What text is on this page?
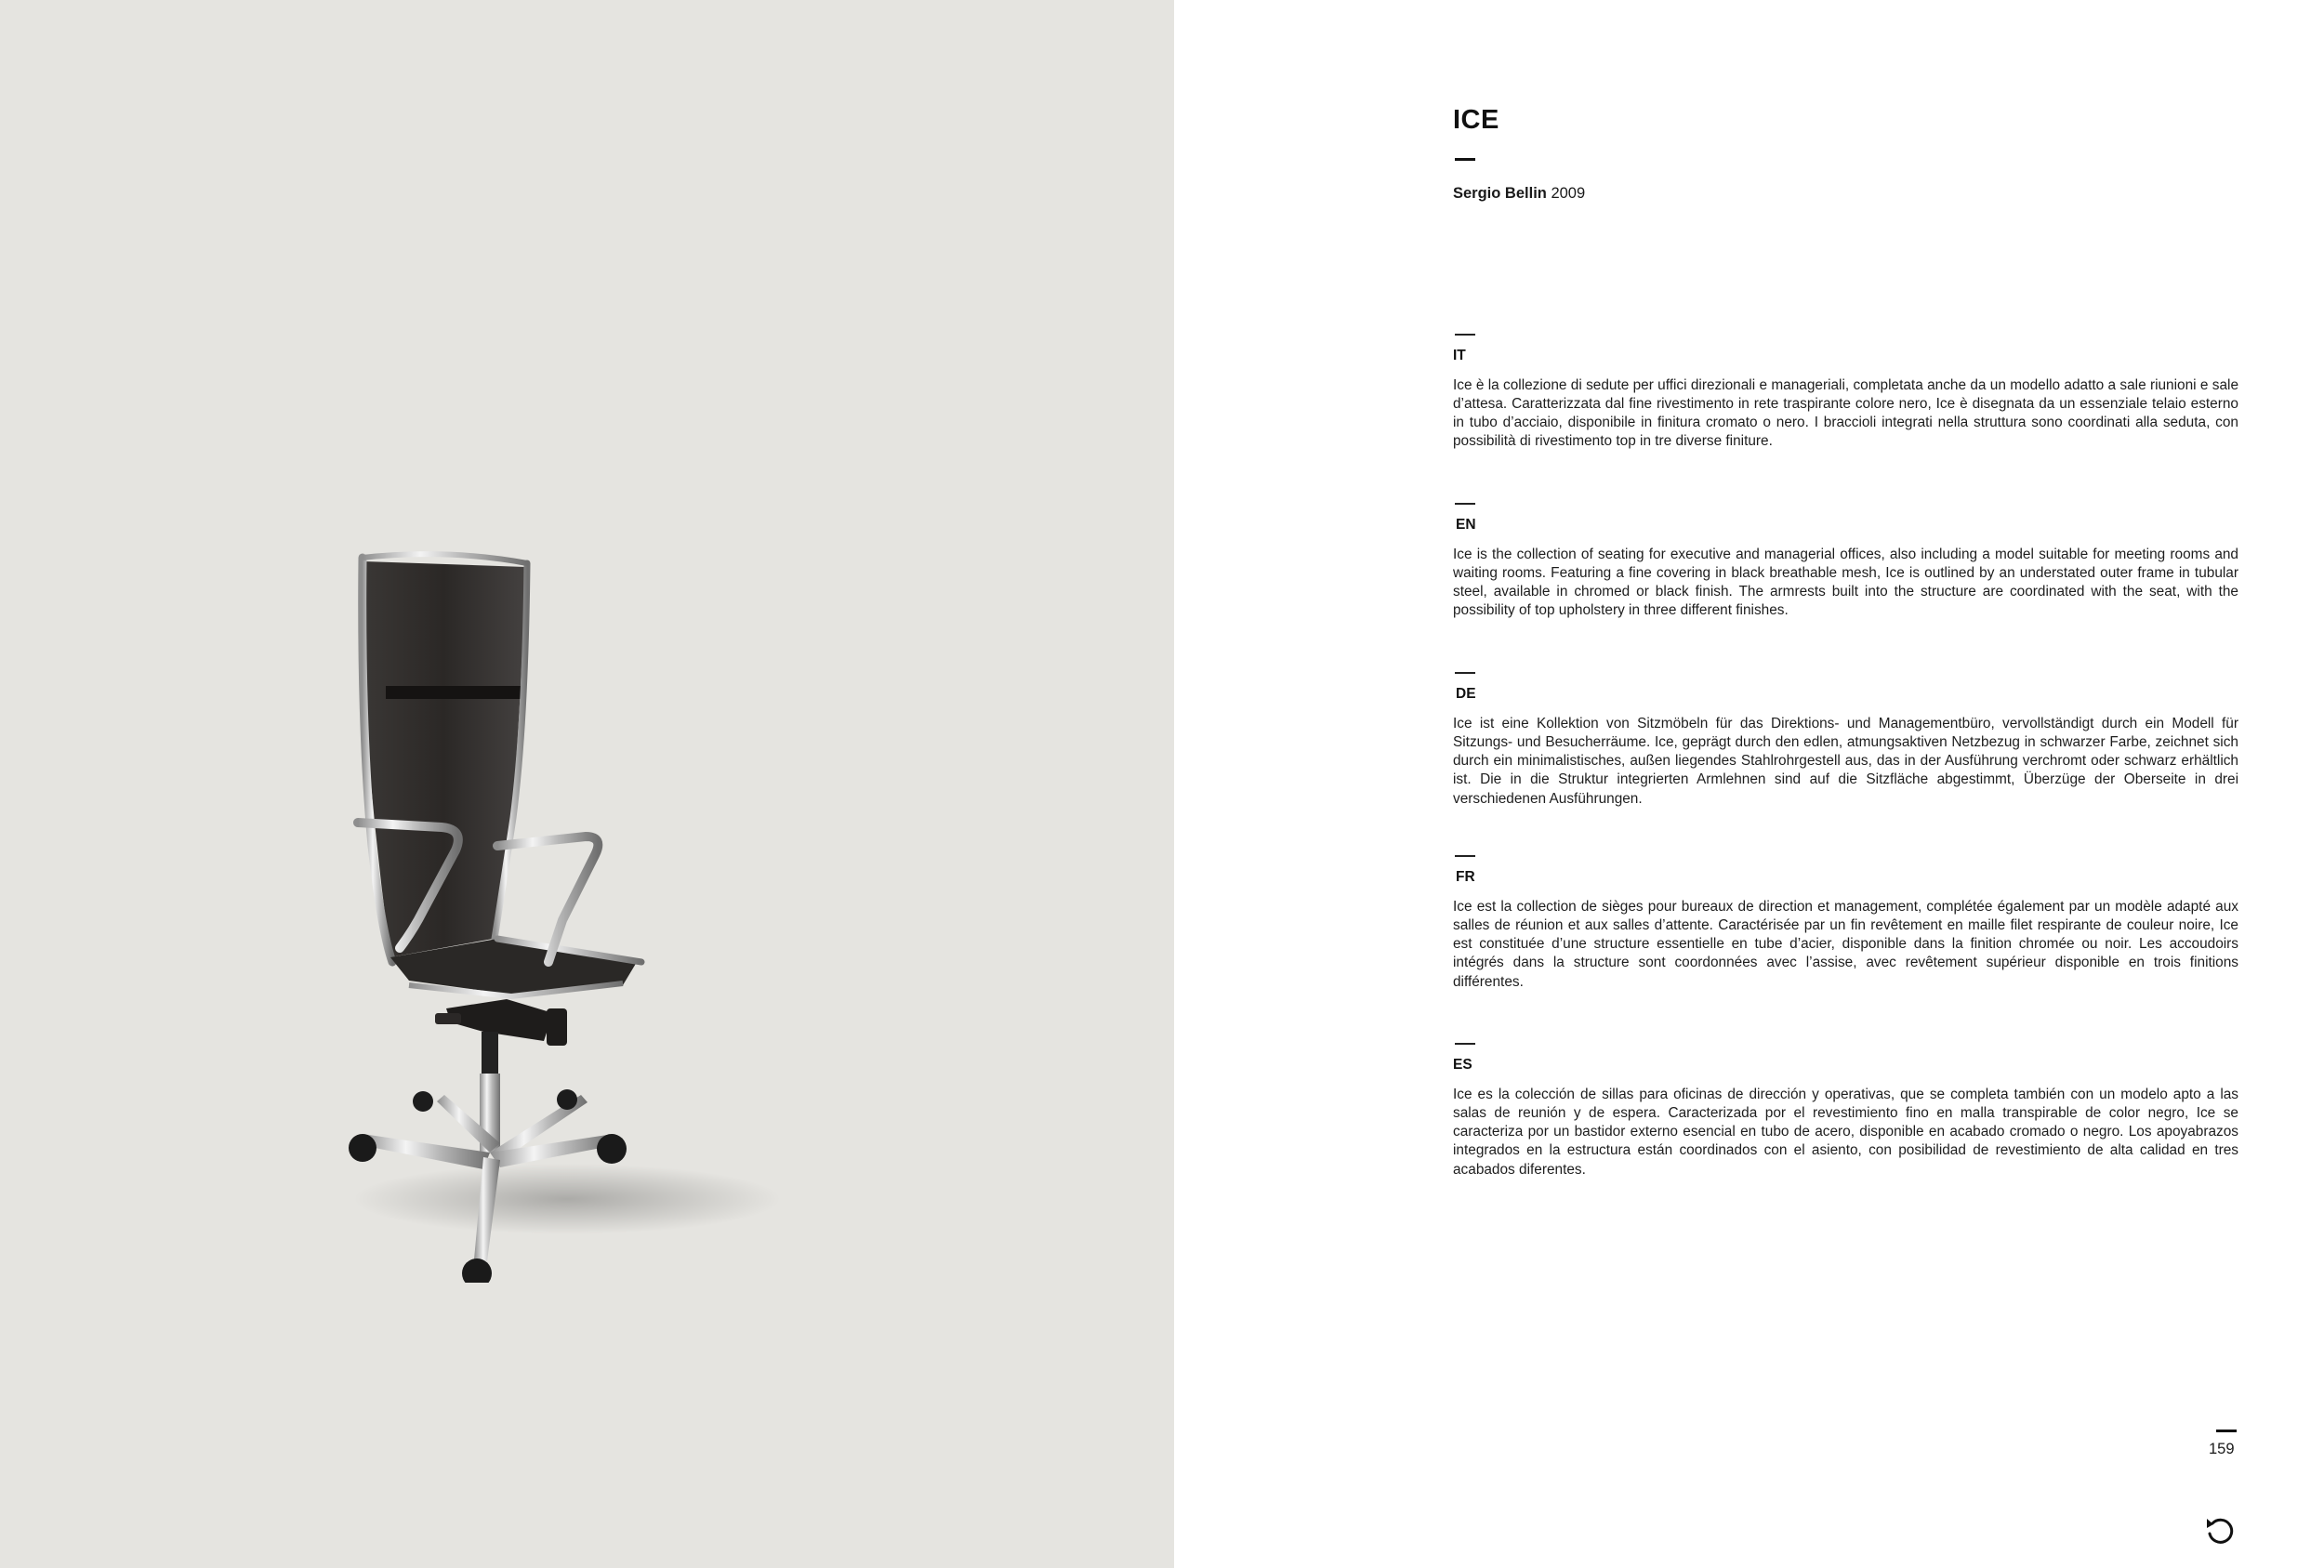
ICE
Sergio Bellin 2009
IT
Ice è la collezione di sedute per uffici direzionali e manageriali, completata anche da un modello adatto a sale riunioni e sale d’attesa. Caratterizzata dal fine rivestimento in rete traspirante colore nero, Ice è disegnata da un essenziale telaio esterno in tubo d’acciaio, disponibile in finitura cromato o nero. I braccioli integrati nella struttura sono coordinati alla seduta, con possibilità di rivestimento top in tre diverse finiture.
EN
Ice is the collection of seating for executive and managerial offices, also including a model suitable for meeting rooms and waiting rooms. Featuring a fine covering in black breathable mesh, Ice is outlined by an understated outer frame in tubular steel, available in chromed or black finish. The armrests built into the structure are coordinated with the seat, with the possibility of top upholstery in three different finishes.
DE
Ice ist eine Kollektion von Sitzmöbeln für das Direktions- und Managementbüro, vervollständigt durch ein Modell für Sitzungs- und Besucherräume. Ice, geprägt durch den edlen, atmungsaktiven Netzbezug in schwarzer Farbe, zeichnet sich durch ein minimalistisches, außen liegendes Stahlrohrgestell aus, das in der Ausführung verchromt oder schwarz erhältlich ist. Die in die Struktur integrierten Armlehnen sind auf die Sitzfläche abgestimmt, Überzüge der Oberseite in drei verschiedenen Ausführungen.
FR
Ice est la collection de sièges pour bureaux de direction et management, complétée également par un modèle adapté aux salles de réunion et aux salles d’attente. Caractérisée par un fin revêtement en maille filet respirante de couleur noire, Ice est constituée d’une structure essentielle en tube d’acier, disponible dans la finition chromée ou noir. Les accoudoirs intégrés dans la structure sont coordonnées avec l’assise, avec revêtement supérieur disponible en trois finitions différentes.
ES
Ice es la colección de sillas para oficinas de dirección y operativas, que se completa también con un modelo apto a las salas de reunión y de espera. Caracterizada por el revestimiento fino en malla transpirable de color negro, Ice se caracteriza por un bastidor externo esencial en tubo de acero, disponible en acabado cromado o negro. Los apoyabrazos integrados en la estructura están coordinados con el asiento, con posibilidad de revestimiento de alta calidad en tres acabados diferentes.
159
